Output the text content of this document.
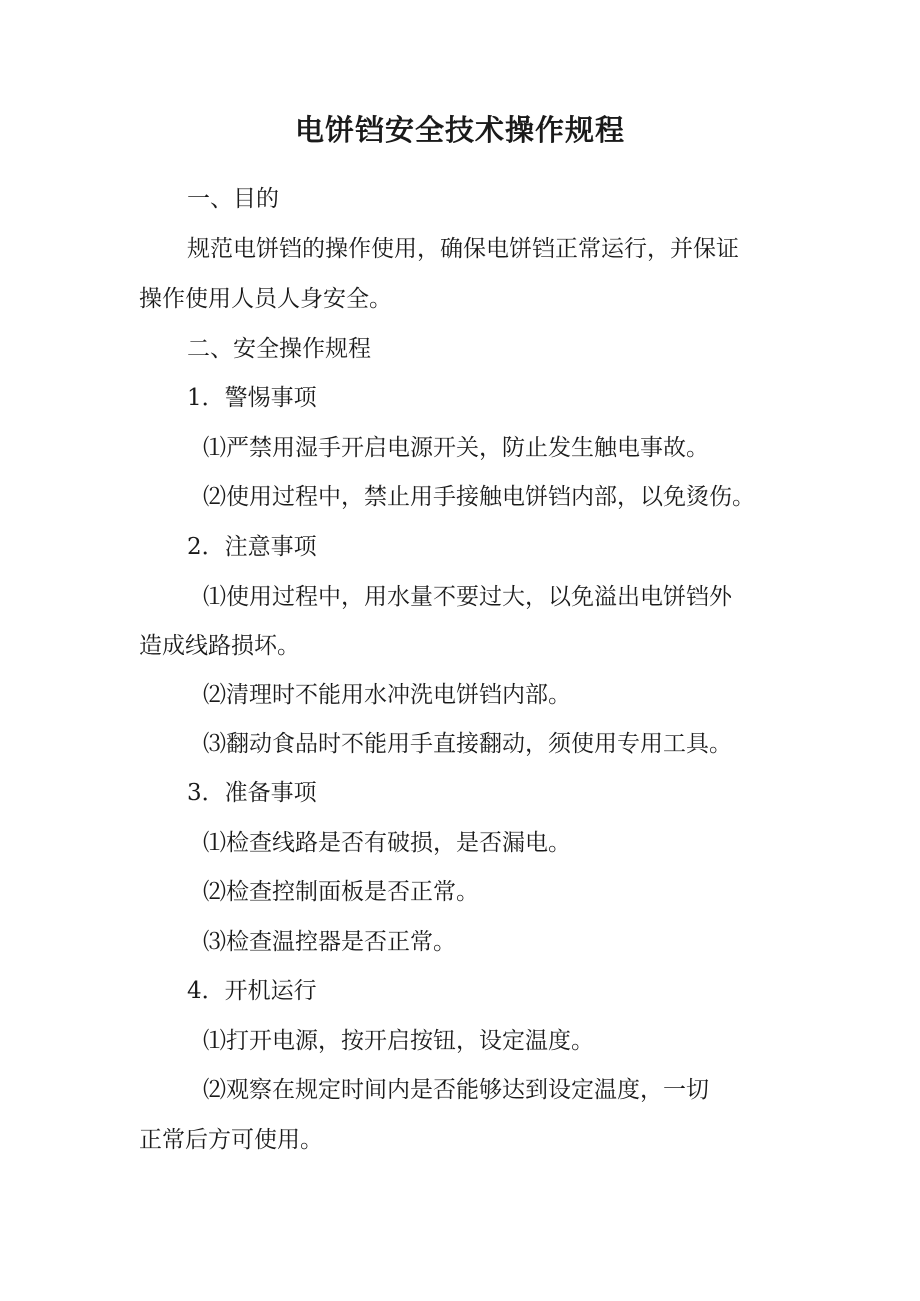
电饼铛安全技术操作规程
一、目的
规范电饼铛的操作使用，确保电饼铛正常运行，并保证
操作使用人员人身安全。
二、安全操作规程
1．警惕事项
⑴严禁用湿手开启电源开关，防止发生触电事故。
⑵使用过程中，禁止用手接触电饼铛内部，以免烫伤。
2．注意事项
⑴使用过程中，用水量不要过大，以免溢出电饼铛外
造成线路损坏。
⑵清理时不能用水冲洗电饼铛内部。
⑶翻动食品时不能用手直接翻动，须使用专用工具。
3．准备事项
⑴检查线路是否有破损，是否漏电。
⑵检查控制面板是否正常。
⑶检查温控器是否正常。
4．开机运行
⑴打开电源，按开启按钮，设定温度。
⑵观察在规定时间内是否能够达到设定温度，一切
正常后方可使用。
